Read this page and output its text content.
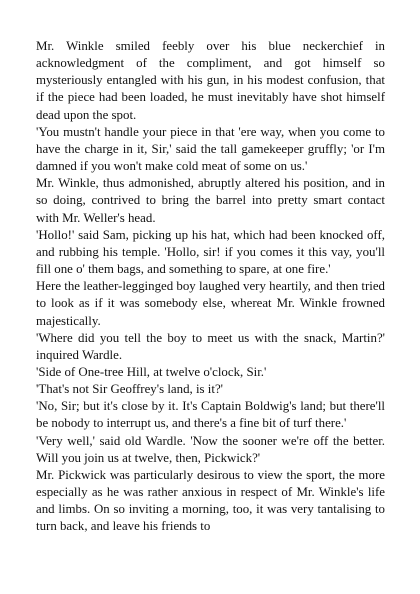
Mr. Winkle smiled feebly over his blue neckerchief in acknowledgment of the compliment, and got himself so mysteriously entangled with his gun, in his modest confusion, that if the piece had been loaded, he must inevitably have shot himself dead upon the spot.

'You mustn't handle your piece in that 'ere way, when you come to have the charge in it, Sir,' said the tall gamekeeper gruffly; 'or I'm damned if you won't make cold meat of some on us.'

Mr. Winkle, thus admonished, abruptly altered his position, and in so doing, contrived to bring the barrel into pretty smart contact with Mr. Weller's head.

'Hollo!' said Sam, picking up his hat, which had been knocked off, and rubbing his temple. 'Hollo, sir! if you comes it this vay, you'll fill one o' them bags, and something to spare, at one fire.'

Here the leather-legginged boy laughed very heartily, and then tried to look as if it was somebody else, whereat Mr. Winkle frowned majestically.

'Where did you tell the boy to meet us with the snack, Martin?' inquired Wardle.

'Side of One-tree Hill, at twelve o'clock, Sir.'

'That's not Sir Geoffrey's land, is it?'

'No, Sir; but it's close by it. It's Captain Boldwig's land; but there'll be nobody to interrupt us, and there's a fine bit of turf there.'

'Very well,' said old Wardle. 'Now the sooner we're off the better. Will you join us at twelve, then, Pickwick?'

Mr. Pickwick was particularly desirous to view the sport, the more especially as he was rather anxious in respect of Mr. Winkle's life and limbs. On so inviting a morning, too, it was very tantalising to turn back, and leave his friends to
